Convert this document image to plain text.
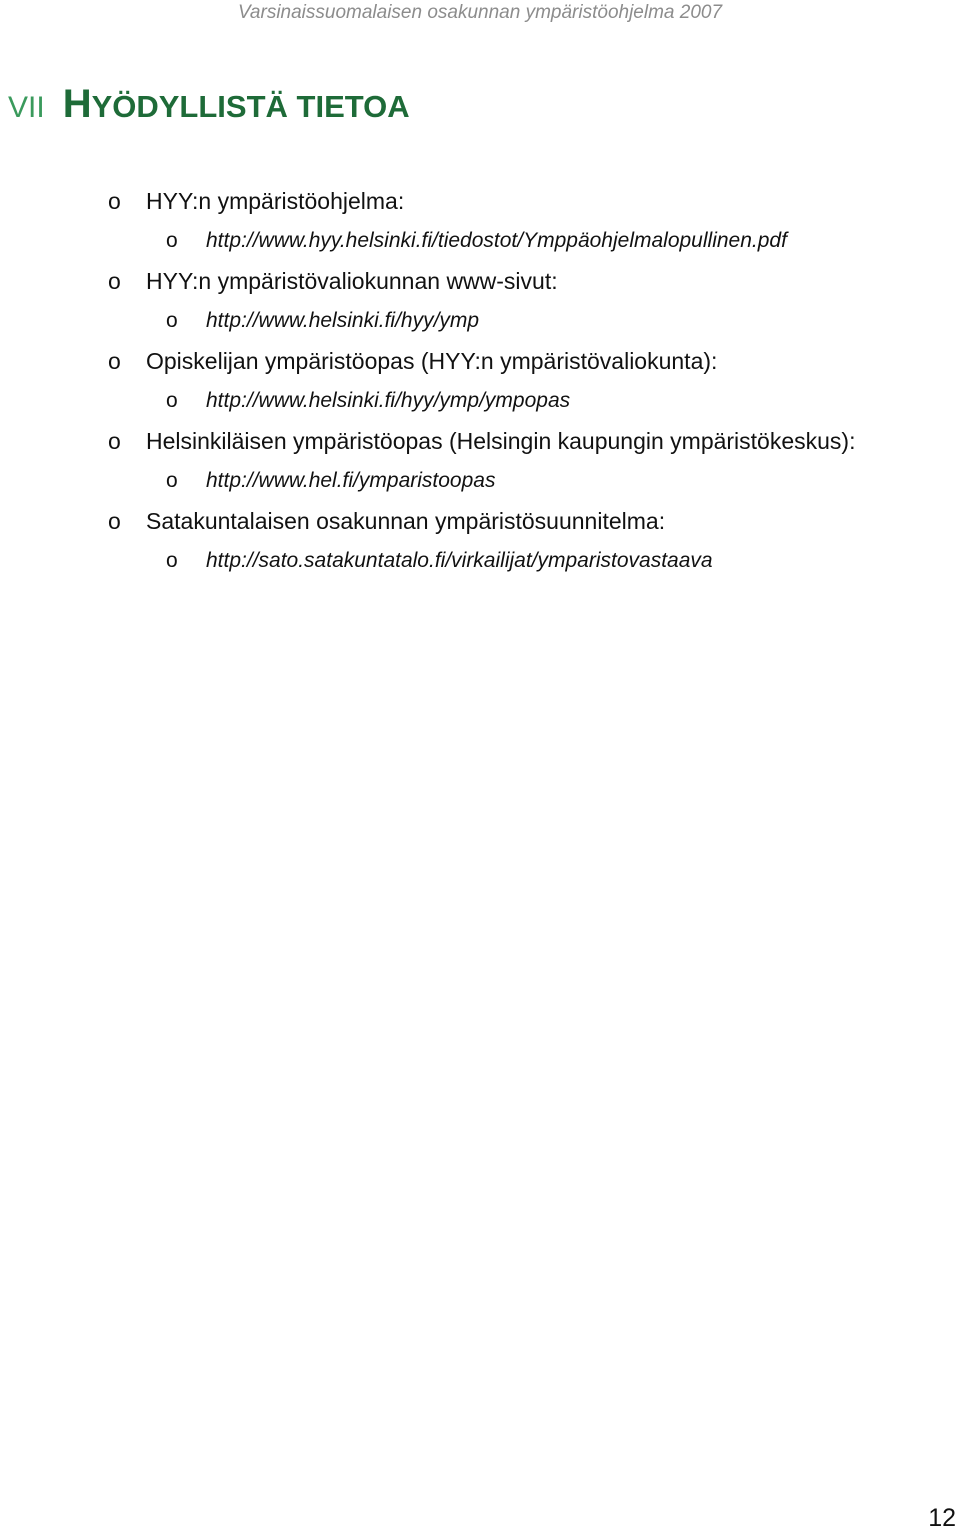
Varsinaissuomalaisen osakunnan ympäristöohjelma 2007
VII HYÖDYLLISTÄ TIETOA
o HYY:n ympäristöohjelma:
o http://www.hyy.helsinki.fi/tiedostot/Ymppäohjelmalopullinen.pdf
o HYY:n ympäristövaliokunnan www-sivut:
o http://www.helsinki.fi/hyy/ymp
o Opiskelijan ympäristöopas (HYY:n ympäristövaliokunta):
o http://www.helsinki.fi/hyy/ymp/ympopas
o Helsinkiläisen ympäristöopas (Helsingin kaupungin ympäristökeskus):
o http://www.hel.fi/ymparistoopas
o Satakuntalaisen osakunnan ympäristösuunnitelma:
o http://sato.satakuntatalo.fi/virkailijat/ymparistovastaava
12
